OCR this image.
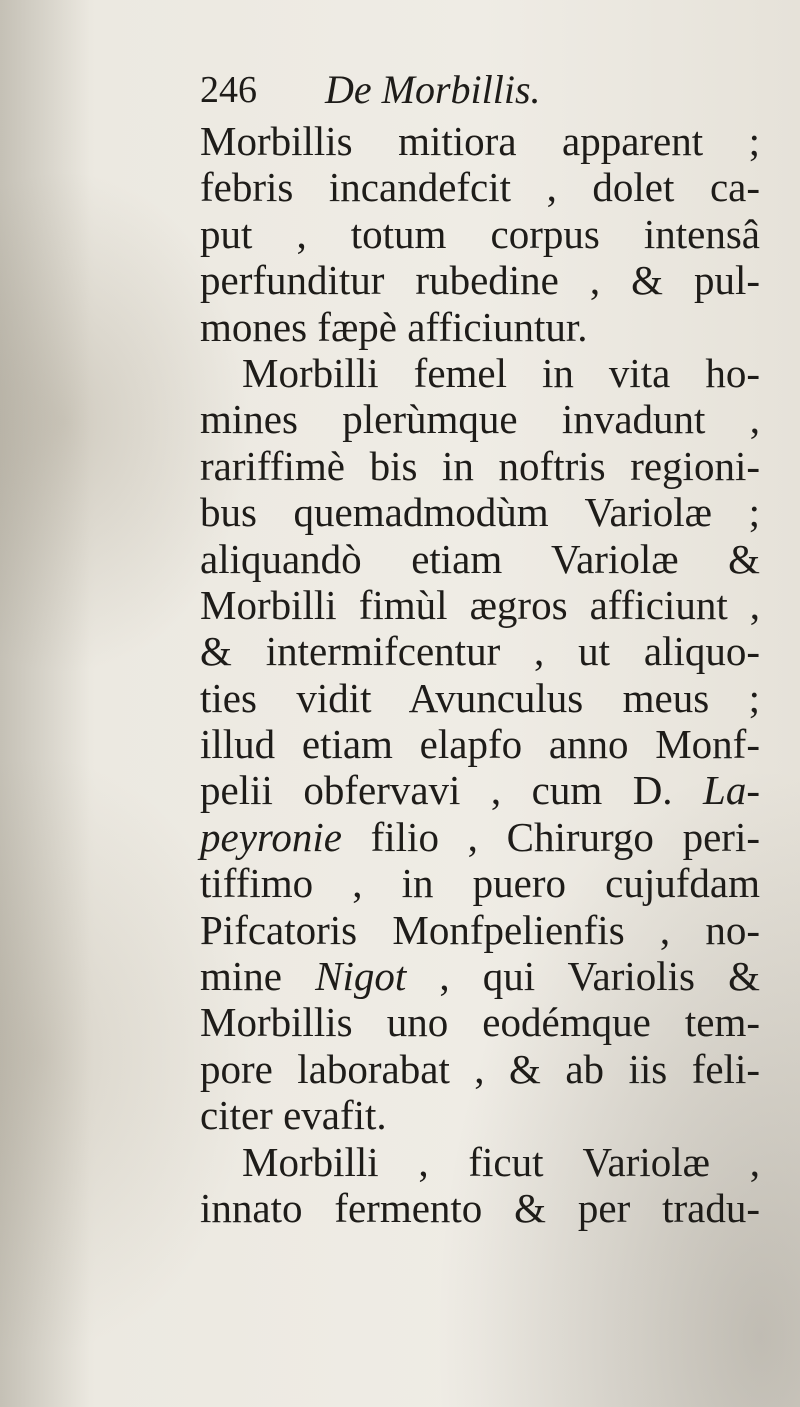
246 De Morbillis.
Morbillis mitiora apparent ;
febris incandefcit , dolet ca-
put , totum corpus intensâ
perfunditur rubedine , & pul-
mones fæpè afficiuntur.
Morbilli femel in vita ho-
mines plerùmque invadunt ,
rariffimè bis in noftris regioni-
bus quemadmodùm Variolæ ;
aliquandò etiam Variolæ &
Morbilli fimùl ægros afficiunt ,
& intermifcentur , ut aliquo-
ties vidit Avunculus meus ;
illud etiam elapfo anno Monf-
pelii obfervavi , cum D. La-
peyronie filio , Chirurgo peri-
tiffimo , in puero cujufdam
Pifcatoris Monfpelienfis , no-
mine Nigot , qui Variolis &
Morbillis uno eodémque tem-
pore laborabat , & ab iis feli-
citer evafit.
Morbilli , ficut Variolæ ,
innato fermento & per tradu-
